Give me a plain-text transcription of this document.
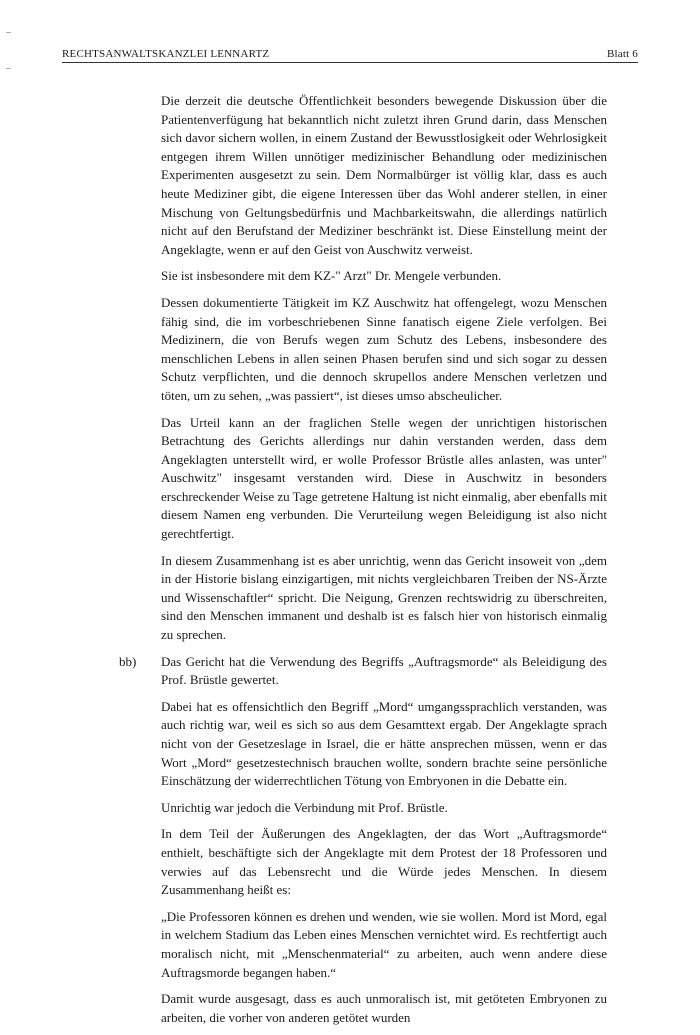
RECHTSANWALTSKANZLEI LENNARTZ	Blatt 6

Die derzeit die deutsche Öffentlichkeit besonders bewegende Diskussion über die Patientenverfügung hat bekanntlich nicht zuletzt ihren Grund darin, dass Menschen sich davor sichern wollen, in einem Zustand der Bewusstlosigkeit oder Wehrlosigkeit entgegen ihrem Willen unnötiger medizinischer Behandlung oder medizinischen Experimenten ausgesetzt zu sein. Dem Normalbürger ist völlig klar, dass es auch heute Mediziner gibt, die eigene Interessen über das Wohl anderer stellen, in einer Mischung von Geltungsbedürfnis und Machbarkeitswahn, die allerdings natürlich nicht auf den Berufstand der Mediziner beschränkt ist. Diese Einstellung meint der Angeklagte, wenn er auf den Geist von Auschwitz verweist.

Sie ist insbesondere mit dem KZ-" Arzt" Dr. Mengele verbunden.

Dessen dokumentierte Tätigkeit im KZ Auschwitz hat offengelegt, wozu Menschen fähig sind, die im vorbeschriebenen Sinne fanatisch eigene Ziele verfolgen. Bei Medizinern, die von Berufs wegen zum Schutz des Lebens, insbesondere des menschlichen Lebens in allen seinen Phasen berufen sind und sich sogar zu dessen Schutz verpflichten, und die dennoch skrupellos andere Menschen verletzen und töten, um zu sehen, „was passiert“, ist dieses umso abscheulicher.

Das Urteil kann an der fraglichen Stelle wegen der unrichtigen historischen Betrachtung des Gerichts allerdings nur dahin verstanden werden, dass dem Angeklagten unterstellt wird, er wolle Professor Brüstle alles anlasten, was unter" Auschwitz" insgesamt verstanden wird. Diese in Auschwitz in besonders erschreckender Weise zu Tage getretene Haltung ist nicht einmalig, aber ebenfalls mit diesem Namen eng verbunden. Die Verurteilung wegen Beleidigung ist also nicht gerechtfertigt.

In diesem Zusammenhang ist es aber unrichtig, wenn das Gericht insoweit von „dem in der Historie bislang einzigartigen, mit nichts vergleichbaren Treiben der NS-Ärzte und Wissenschaftler“ spricht. Die Neigung, Grenzen rechtswidrig zu überschreiten, sind den Menschen immanent und deshalb ist es falsch hier von historisch einmalig zu sprechen.

bb) Das Gericht hat die Verwendung des Begriffs „Auftragsmorde“ als Beleidigung des Prof. Brüstle gewertet.

Dabei hat es offensichtlich den Begriff „Mord“ umgangssprachlich verstanden, was auch richtig war, weil es sich so aus dem Gesamttext ergab. Der Angeklagte sprach nicht von der Gesetzeslage in Israel, die er hätte ansprechen müssen, wenn er das Wort „Mord“ gesetzestechnisch brauchen wollte, sondern brachte seine persönliche Einschätzung der widerrechtlichen Tötung von Embryonen in die Debatte ein.

Unrichtig war jedoch die Verbindung mit Prof. Brüstle.

In dem Teil der Äußerungen des Angeklagten, der das Wort „Auftragsmorde“ enthielt, beschäftigte sich der Angeklagte mit dem Protest der 18 Professoren und verwies auf das Lebensrecht und die Würde jedes Menschen. In diesem Zusammenhang heißt es:

„Die Professoren können es drehen und wenden, wie sie wollen. Mord ist Mord, egal in welchem Stadium das Leben eines Menschen vernichtet wird. Es rechtfertigt auch moralisch nicht, mit „Menschenmaterial“ zu arbeiten, auch wenn andere diese Auftragsmorde begangen haben.“

Damit wurde ausgesagt, dass es auch unmoralisch ist, mit getöteten Embryonen zu arbeiten, die vorher von anderen getötet wurden
